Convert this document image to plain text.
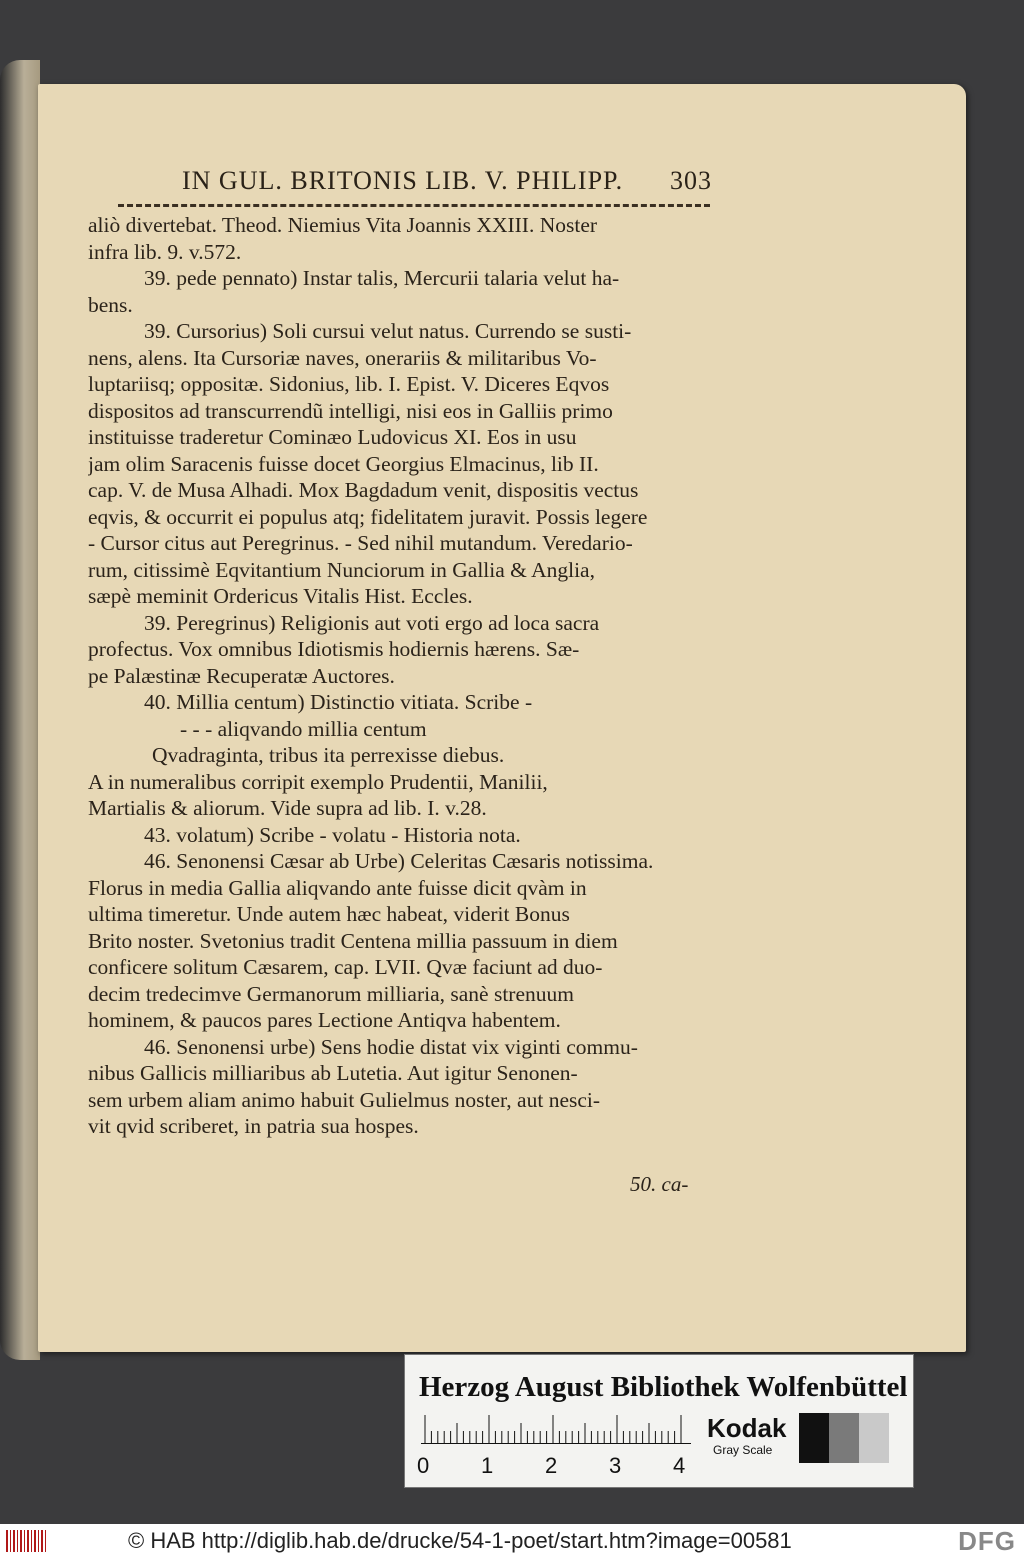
IN GUL. BRITONIS LIB. V. PHILIPP. 303
aliò divertebat. Theod. Niemius Vita Joannis XXIII. Noster
infra lib. 9. v.572.
39. pede pennato) Instar talis, Mercurii talaria velut ha-
bens.
39. Cursorius) Soli cursui velut natus. Currendo se susti-
nens, alens. Ita Cursoriæ naves, onerariis & militaribus Vo-
luptariisq; oppositæ. Sidonius, lib. I. Epist. V. Diceres Eqvos
dispositos ad transcurrendũ intelligi, nisi eos in Galliis primo
instituisse traderetur Cominæo Ludovicus XI. Eos in usu
jam olim Saracenis fuisse docet Georgius Elmacinus, lib II.
cap. V. de Musa Alhadi. Mox Bagdadum venit, dispositis vectus
eqvis, & occurrit ei populus atq; fidelitatem juravit. Possis legere
- Cursor citus aut Peregrinus. - Sed nihil mutandum. Veredario-
rum, citissimè Eqvitantium Nunciorum in Gallia & Anglia,
sæpè meminit Ordericus Vitalis Hist. Eccles.
39. Peregrinus) Religionis aut voti ergo ad loca sacra
profectus. Vox omnibus Idiotismis hodiernis hærens. Sæ-
pe Palæstinæ Recuperatæ Auctores.
40. Millia centum) Distinctio vitiata. Scribe -
- - - aliqvando millia centum
Qvadraginta, tribus ita perrexisse diebus.
A in numeralibus corripit exemplo Prudentii, Manilii,
Martialis & aliorum. Vide supra ad lib. I. v.28.
43. volatum) Scribe - volatu - Historia nota.
46. Senonensi Cæsar ab Urbe) Celeritas Cæsaris notissima.
Florus in media Gallia aliqvando ante fuisse dicit qvàm in
ultima timeretur. Unde autem hæc habeat, viderit Bonus
Brito noster. Svetonius tradit Centena millia passuum in diem
conficere solitum Cæsarem, cap. LVII. Qvæ faciunt ad duo-
decim tredecimve Germanorum milliaria, sanè strenuum
hominem, & paucos pares Lectione Antiqva habentem.
46. Senonensi urbe) Sens hodie distat vix viginti commu-
nibus Gallicis milliaribus ab Lutetia. Aut igitur Senonen-
sem urbem aliam animo habuit Gulielmus noster, aut nesci-
vit qvid scriberet, in patria sua hospes.
50. ca-
Herzog August Bibliothek Wolfenbüttel
0 1 2 3 4
Kodak
Gray Scale
© HAB http://diglib.hab.de/drucke/54-1-poet/start.htm?image=00581	DFG
